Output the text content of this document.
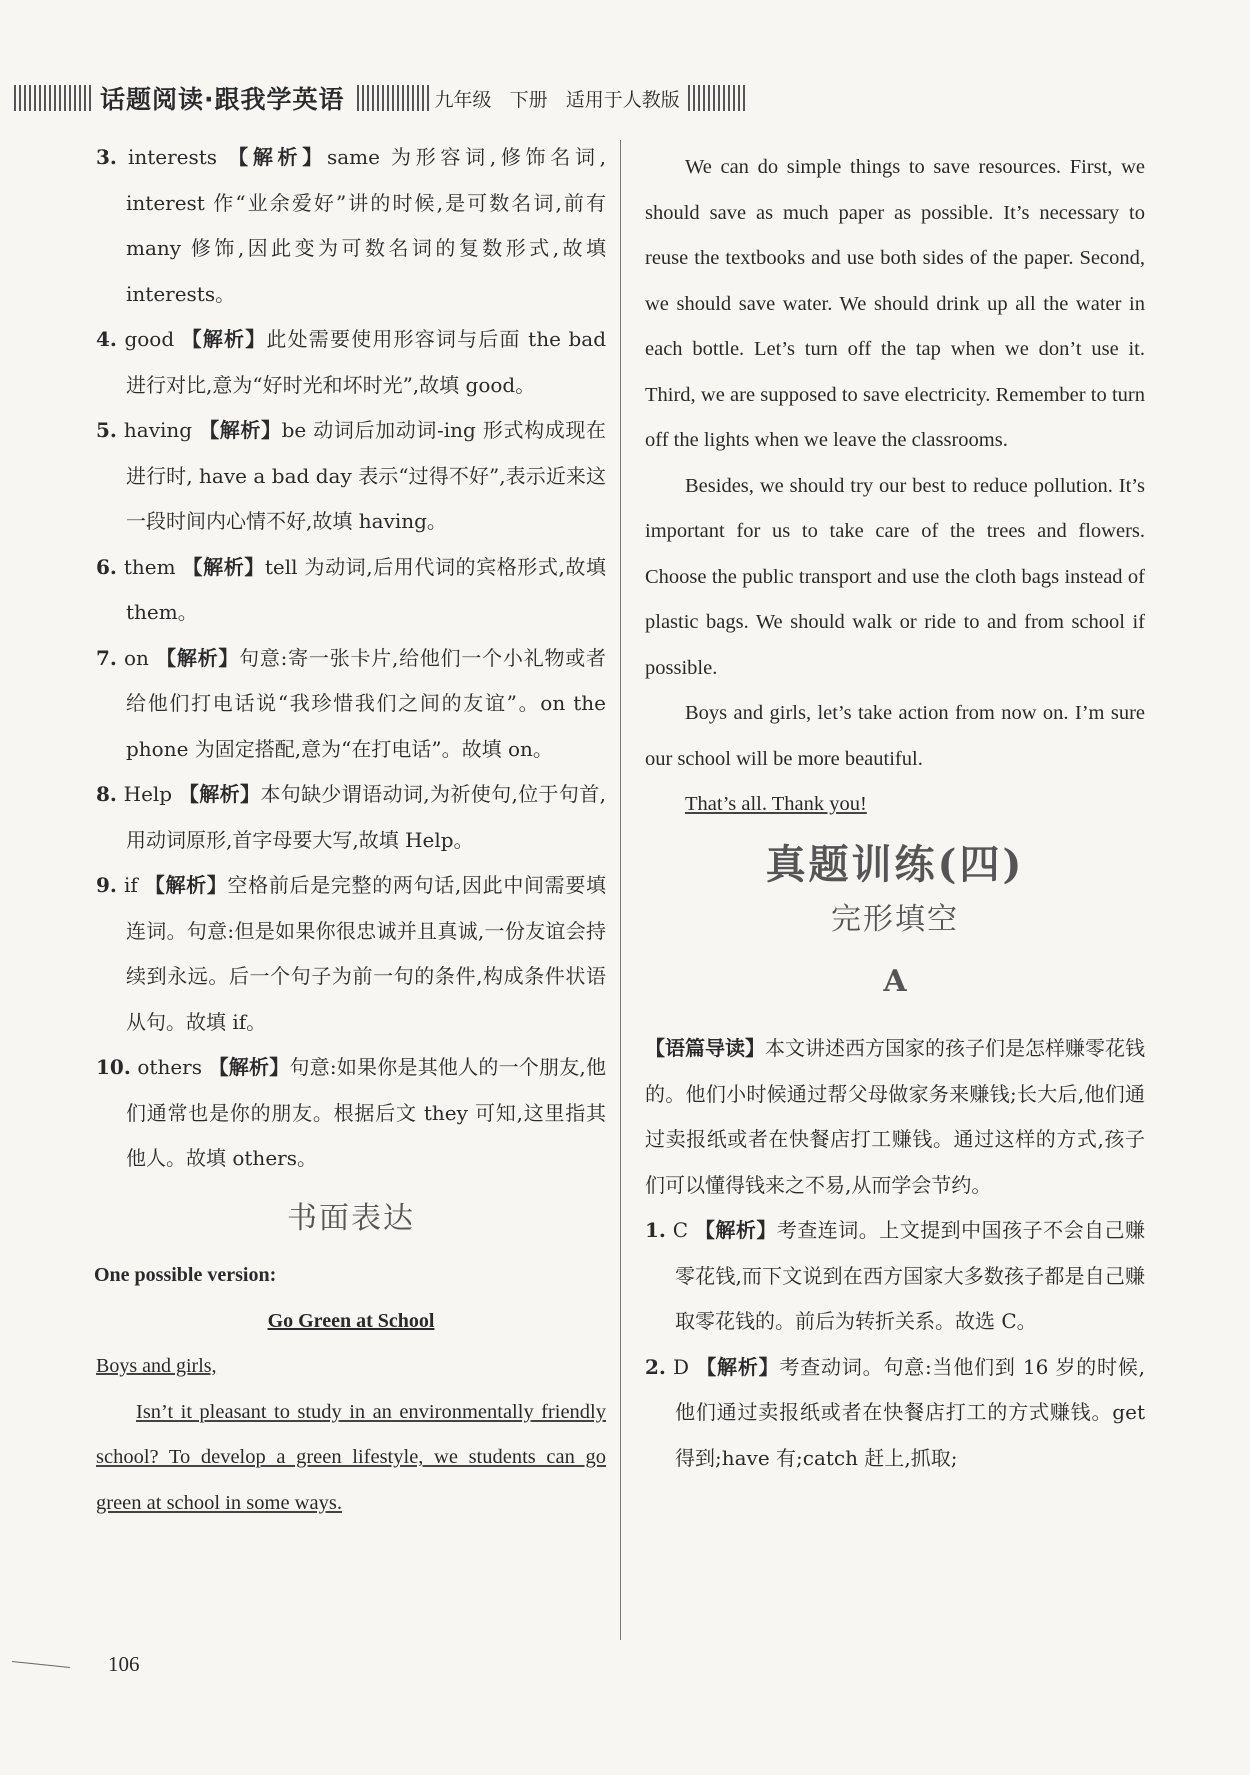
话题阅读·跟我学英语	九年级 下册 适用于人教版
3. interests 【解析】same 为形容词,修饰名词, interest 作“业余爱好”讲的时候,是可数名词,前有 many 修饰,因此变为可数名词的复数形式,故填 interests。
4. good 【解析】此处需要使用形容词与后面 the bad 进行对比,意为“好时光和坏时光”,故填 good。
5. having 【解析】be 动词后加动词-ing 形式构成现在进行时, have a bad day 表示“过得不好”,表示近来这一段时间内心情不好,故填 having。
6. them 【解析】tell 为动词,后用代词的宾格形式,故填 them。
7. on 【解析】句意:寄一张卡片,给他们一个小礼物或者给他们打电话说“我珍惜我们之间的友谊”。on the phone 为固定搭配,意为“在打电话”。故填 on。
8. Help 【解析】本句缺少谓语动词,为祈使句,位于句首,用动词原形,首字母要大写,故填 Help。
9. if 【解析】空格前后是完整的两句话,因此中间需要填连词。句意:但是如果你很忠诚并且真诚,一份友谊会持续到永远。后一个句子为前一句的条件,构成条件状语从句。故填 if。
10. others 【解析】句意:如果你是其他人的一个朋友,他们通常也是你的朋友。根据后文 they 可知,这里指其他人。故填 others。
书面表达
One possible version:
Go Green at School
Boys and girls,
Isn’t it pleasant to study in an environmentally friendly school? To develop a green lifestyle, we students can go green at school in some ways.
We can do simple things to save resources. First, we should save as much paper as possible. It’s necessary to reuse the textbooks and use both sides of the paper. Second, we should save water. We should drink up all the water in each bottle. Let’s turn off the tap when we don’t use it. Third, we are supposed to save electricity. Remember to turn off the lights when we leave the classrooms.
Besides, we should try our best to reduce pollution. It’s important for us to take care of the trees and flowers. Choose the public transport and use the cloth bags instead of plastic bags. We should walk or ride to and from school if possible.
Boys and girls, let’s take action from now on. I’m sure our school will be more beautiful.
That’s all. Thank you!
真题训练(四)
完形填空
A
【语篇导读】本文讲述西方国家的孩子们是怎样赚零花钱的。他们小时候通过帮父母做家务来赚钱;长大后,他们通过卖报纸或者在快餐店打工赚钱。通过这样的方式,孩子们可以懂得钱来之不易,从而学会节约。
1. C 【解析】考查连词。上文提到中国孩子不会自己赚零花钱,而下文说到在西方国家大多数孩子都是自己赚取零花钱的。前后为转折关系。故选 C。
2. D 【解析】考查动词。句意:当他们到 16 岁的时候,他们通过卖报纸或者在快餐店打工的方式赚钱。get 得到;have 有;catch 赶上,抓取;
106
